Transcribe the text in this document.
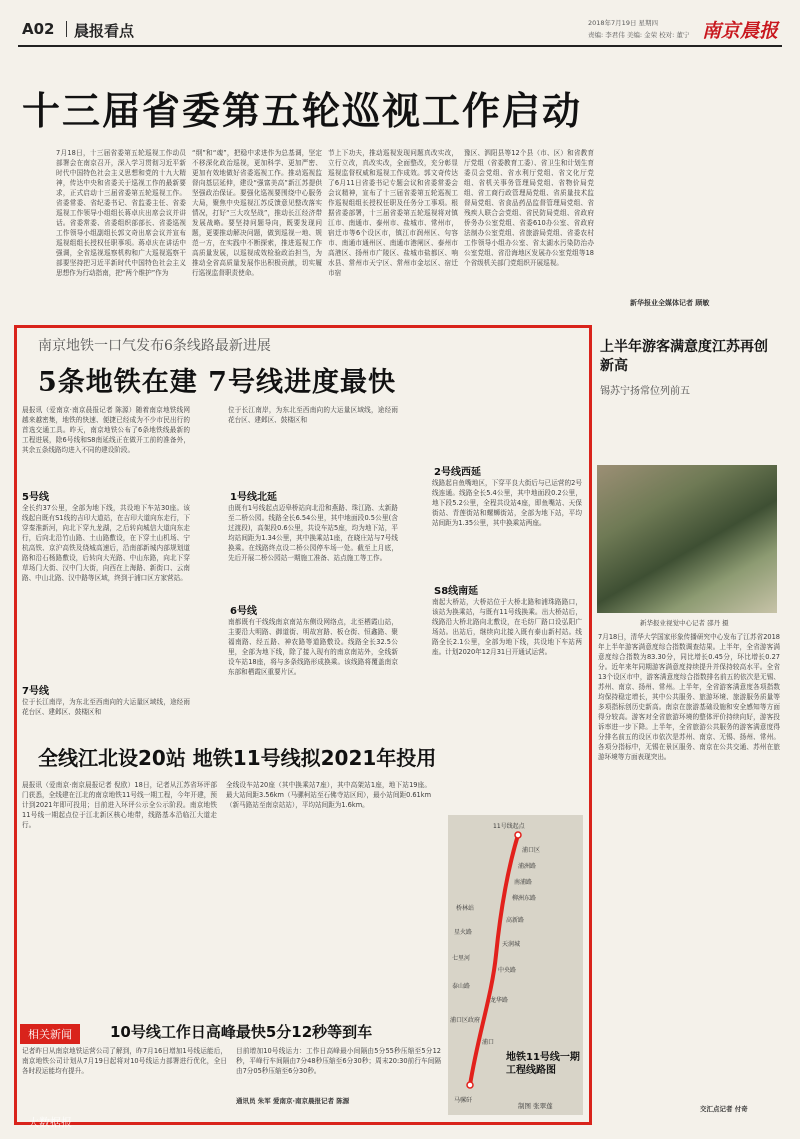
A02 晨报看点	2018年7月19日 星期四
责编: 李君伟 美编: 金荣 校对: 董宁 南京晨报
十三届省委第五轮巡视工作启动
7月18日，十三届省委第五轮巡视工作动员部署会在南京召开，深入学习贯彻习近平新时代中国特色社会主义思想和党的十九大精神，传达中央和省委关于巡视工作的最新要求，正式启动十三届省委第五轮巡视工作。省委常委、省纪委书记、省监委主任、省委巡视工作领导小组组长蒋卓庆出席会议并讲话。省委常委、省委组织部部长、省委巡视工作领导小组副组长郭文奇出席会议并宣布巡视组组长授权任职事项。蒋卓庆在讲话中强调，全省巡视巡察机构和广大巡视巡察干部要坚持把习近平新时代中国特色社会主义思想作为行动指南，把“两个维护”作为
“纲”和“魂”，把稳中求进作为总基调，坚定不移深化政治巡视，更加科学、更加严密、更加有效地做好省委巡视工作。推动巡视监督向基层延伸，建设“强富美高”新江苏提供坚强政治保证。要强化巡视要围绕中心服务大局，聚焦中央巡视江苏反馈意见整改落实情况，打好“三大攻坚战”，推动长江经济带发展战略。要坚持问题导向，既要发现问题，更要推动解决问题，做到巡视一地、规范一方，在实践中不断探索，推进巡视工作高质量发展，以巡视成效检验政治担当，为推动全省高质量发展作出积极贡献，切实履行巡视监督职责使命。
节上下功夫，推动巡视发现问题真改实改，立行立改，真改实改，全面整改，充分彰显巡视监督权威和巡视工作成效。郭文奇传达了6月11日省委书记专题会议和省委常委会会议精神，宣布了十三届省委第五轮巡视工作巡视组组长授权任职及任务分工事项。根据省委部署，十三届省委第五轮巡视将对镇江市、南通市、泰州市、盐城市、常州市，宿迁市等6个设区市，镇江市润州区、句容市、南通市通州区、南通市港闸区、泰州市高港区、扬州市广陵区、盐城市盐都区、响水县、常州市天宁区、常州市金坛区、宿迁市宿
豫区、泗阳县等12个县（市、区）和省教育厅党组（省委教育工委）、省卫生和计划生育委员会党组、省水利厅党组、省文化厅党组、省机关事务管理局党组、省物价局党组、省工商行政管理局党组、省质量技术监督局党组、省食品药品监督管理局党组、省残疾人联合会党组、省民防局党组、省政府侨务办公室党组、省委610办公室、省政府法制办公室党组、省旅游局党组、省委农村工作领导小组办公室、省太湖水污染防治办公室党组、省沿海地区发展办公室党组等18个省级机关部门党组织开展巡视。
新华报业全媒体记者 顾敏
南京地铁一口气发布6条线路最新进展
5条地铁在建 7号线进度最快
晨报讯（爱南京·南京晨报记者 陈源）随着南京地铁线网越来越密集，地铁的快速、便捷已经成为不少市民出行的首选交通工具。昨天，南京地铁公布了6条地铁线最新的工程进展，除6号线和S8南延线正在做开工前的准备外，其余五条线路均进入不同的建设阶段。
5号线
全长约37公里，全部为地下线，共设地下车站30座。该线起自既有S1线的吉印大道站，在吉印大道向东走行，下穿秦淮新河，向北下穿九龙湖，之后转向城信大道向东走行，后向北沿竹山路、土山路敷设，在下穿土山机场、宁杭高铁、京沪高铁及绕城高速后，沿南部新城内部规划道路和沿石杨路敷设，后转向大光路、中山东路，向北下穿草场门大街、汉中门大街，向西在上海路、新街口、云南路、中山北路、汉中路等区域，终到于浦口区方家营站。
7号线
位于长江南岸，为东北至西南向的大运量区域线，途经雨花台区、建邺区、鼓楼区和
1号线北延
位于长江南岸，为东北至西南向的大运量区域线，途经雨花台区、建邺区、鼓楼区和
由既有1号线起点迈皋桥站向北沿和燕路、珠江路、太新路至二桥公园。线路全长6.54公里，其中地面段0.5公里(含过渡段)，高架段0.6公里，共设车站5座，均为地下站，平均站间距为1.34公里，其中换乘站1座，在晓庄站与7号线换乘。在线路终点设二桥公园停车场一处。截至上月底，先后开展二桥公园站一期施工准备、站点施工等工作。
6号线
南都既有干线线南京南站东侧设网络点，北至栖霞山站，主要沿大明路、御道街、明故宫路、板仓街、恒鑫路、聚福南路、经五路、神农路等道路敷设。线路全长32.5公里，全部为地下线，除了接入现有的南京南站外，全线新设车站18座，将与多条线路形成换乘。该线路将覆盖南京东部和栖霞区重要片区。
2号线西延
线路起自鱼嘴地区，下穿平良大街后与已运营的2号线连通。线路全长5.4公里，其中地面段0.2公里，地下段5.2公里，全程共设站4座，即鱼嘴站、天保街站、青莲街站和螺蛳街站，全部为地下站，平均站间距为1.35公里，其中换乘站两座。
S8线南延
南起大桥站，大桥站位于大桥北路和浦珠路路口，该站为换乘站，与既有11号线换乘。出大桥站后，线路沿大桥北路向北敷设，在毛纺厂路口设弘阳广场站。出站后，继续向北接入既有泰山新村站。线路全长2.1公里，全部为地下线，共设地下车站两座。计划2020年12月31日开通试运营。
全线江北设20站 地铁11号线拟2021年投用
晨报讯（爱南京·南京晨报记者 倪欧）18日，记者从江苏省环评部门获悉，全线建在江北的南京地铁11号线一期工程，今年开建，预计到2021年即可投用；目前进入环评公示全公示阶段。南京地铁11号线一期起点位于江北新区核心地带，线路基本沿临江大道走行。
全线设车站20座（其中换乘站7座），其中高架站1座，地下站19座。最大站间距3.56km（马骡柯站至石佛寺站区间），最小站间距0.61km（新马路站至南京站站），平均站间距为1.6km。
11号线起点
浦口区
浦洲路
南浦路
柳洲东路
桥林站
高新路
星火路
天润城
七里河
中央路
泰山路
龙华路
浦口区政府
浦口
马骡矸
地铁11号线一期工程线路图
制图 张翠莲
相关新闻	10号线工作日高峰最快5分12秒等到车
记者昨日从南京地铁运营公司了解到，昨7月16日增加1号线运能后，南京地铁公司计划从7月19日起将对10号线运力部署进行优化，全日各时段运能均有提升。
目前增加10号线运力：工作日高峰最小间隔由5分55秒压缩至5分12秒，平峰行车间隔由7分48秒压缩至6分30秒；周末20:30前行车间隔由7分05秒压缩至6分30秒。
通讯员 朱军 爱南京·南京晨报记者 陈源
上半年游客满意度江苏再创新高
锡苏宁扬常位列前五
新华报业视觉中心记者 邵丹 摄
7月18日，清华大学国家形象传播研究中心发布了江苏省2018年上半年游客满意度综合指数调查结果。上半年，全省游客满意度综合指数为83.30分，同比增长0.45分，环比增长0.27分。近年来年同期游客满意度持续提升并保持较高水平。全省13个设区市中，游客满意度综合指数排名前五的依次是无锡、苏州、南京、扬州、常州。上半年，全省游客满意度各项指数均保持稳定增长，其中公共服务、旅游环境、旅游服务质量等多项指标创历史新高。南京在旅游基础设施和安全感知等方面得分较高。游客对全省旅游环境的整体评价持续向好，游客投诉率进一步下降。上半年，全省旅游公共服务的游客满意度得分排名前五的设区市依次是苏州、南京、无锡、扬州、常州。各项分指标中，无锡在景区服务、南京在公共交通、苏州在旅游环境等方面表现突出。
交汇点记者 付奇
大数据报
